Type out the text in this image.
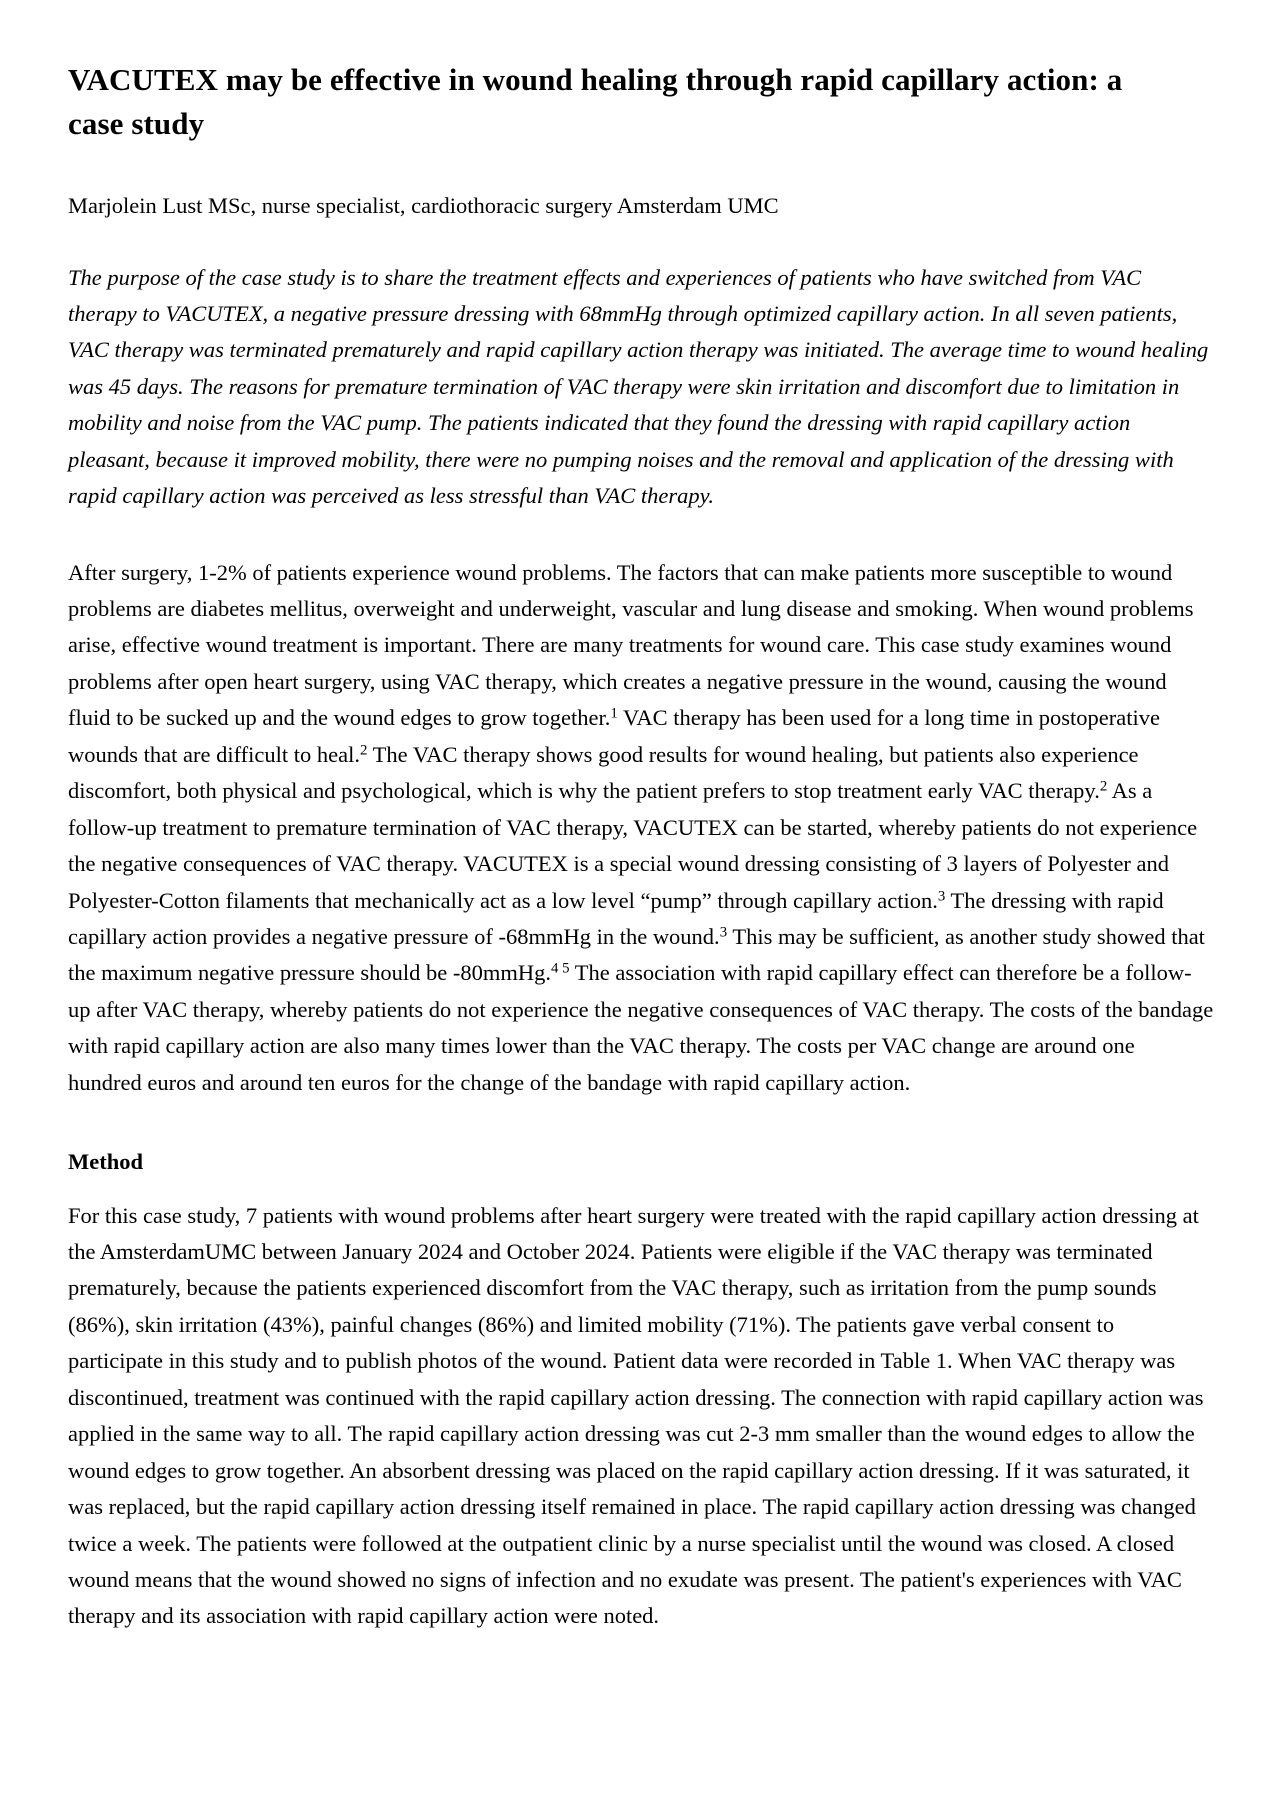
VACUTEX may be effective in wound healing through rapid capillary action: a case study

Marjolein Lust MSc, nurse specialist, cardiothoracic surgery Amsterdam UMC

The purpose of the case study is to share the treatment effects and experiences of patients who have switched from VAC therapy to VACUTEX, a negative pressure dressing with 68mmHg through optimized capillary action. In all seven patients, VAC therapy was terminated prematurely and rapid capillary action therapy was initiated. The average time to wound healing was 45 days. The reasons for premature termination of VAC therapy were skin irritation and discomfort due to limitation in mobility and noise from the VAC pump. The patients indicated that they found the dressing with rapid capillary action pleasant, because it improved mobility, there were no pumping noises and the removal and application of the dressing with rapid capillary action was perceived as less stressful than VAC therapy.

After surgery, 1-2% of patients experience wound problems. The factors that can make patients more susceptible to wound problems are diabetes mellitus, overweight and underweight, vascular and lung disease and smoking. When wound problems arise, effective wound treatment is important. There are many treatments for wound care. This case study examines wound problems after open heart surgery, using VAC therapy, which creates a negative pressure in the wound, causing the wound fluid to be sucked up and the wound edges to grow together.$^1$ VAC therapy has been used for a long time in postoperative wounds that are difficult to heal.$^2$ The VAC therapy shows good results for wound healing, but patients also experience discomfort, both physical and psychological, which is why the patient prefers to stop treatment early VAC therapy.$^2$ As a follow-up treatment to premature termination of VAC therapy, VACUTEX can be started, whereby patients do not experience the negative consequences of VAC therapy. VACUTEX is a special wound dressing consisting of 3 layers of Polyester and Polyester-Cotton filaments that mechanically act as a low level “pump” through capillary action.$^3$ The dressing with rapid capillary action provides a negative pressure of -68mmHg in the wound.$^3$ This may be sufficient, as another study showed that the maximum negative pressure should be -80mmHg.$^{4 5}$ The association with rapid capillary effect can therefore be a follow-up after VAC therapy, whereby patients do not experience the negative consequences of VAC therapy. The costs of the bandage with rapid capillary action are also many times lower than the VAC therapy. The costs per VAC change are around one hundred euros and around ten euros for the change of the bandage with rapid capillary action.

Method

For this case study, 7 patients with wound problems after heart surgery were treated with the rapid capillary action dressing at the AmsterdamUMC between January 2024 and October 2024. Patients were eligible if the VAC therapy was terminated prematurely, because the patients experienced discomfort from the VAC therapy, such as irritation from the pump sounds (86%), skin irritation (43%), painful changes (86%) and limited mobility (71%). The patients gave verbal consent to participate in this study and to publish photos of the wound. Patient data were recorded in Table 1. When VAC therapy was discontinued, treatment was continued with the rapid capillary action dressing. The connection with rapid capillary action was applied in the same way to all. The rapid capillary action dressing was cut 2-3 mm smaller than the wound edges to allow the wound edges to grow together. An absorbent dressing was placed on the rapid capillary action dressing. If it was saturated, it was replaced, but the rapid capillary action dressing itself remained in place. The rapid capillary action dressing was changed twice a week. The patients were followed at the outpatient clinic by a nurse specialist until the wound was closed. A closed wound means that the wound showed no signs of infection and no exudate was present. The patient's experiences with VAC therapy and its association with rapid capillary action were noted.
